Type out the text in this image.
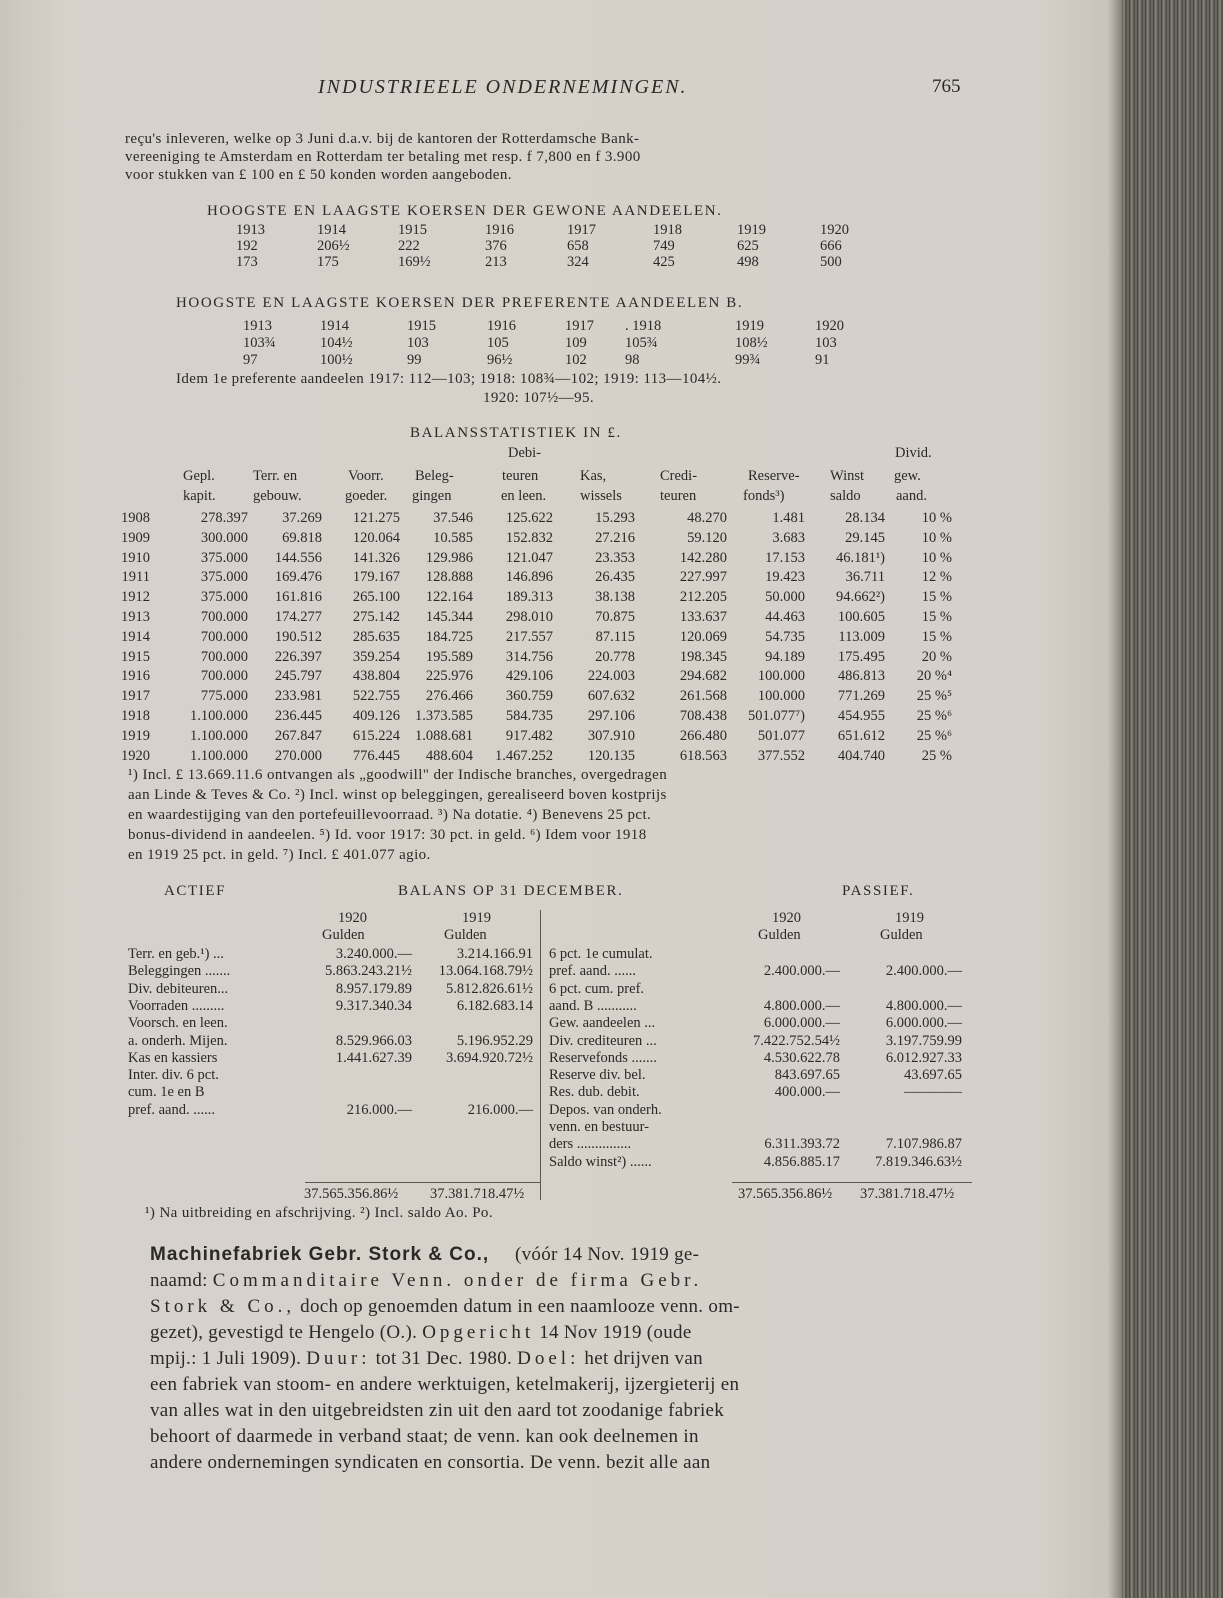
INDUSTRIEELE ONDERNEMINGEN.	765
reçu's inleveren, welke op 3 Juni d.a.v. bij de kantoren der Rotterdamsche Bank-
vereeniging te Amsterdam en Rotterdam ter betaling met resp. f 7,800 en f 3.900
voor stukken van £ 100 en £ 50 konden worden aangeboden.
HOOGSTE EN LAAGSTE KOERSEN DER GEWONE AANDEELEN.
1913	1914	1915	1916	1917	1918	1919	1920
192	206½	222	376	658	749	625	666
173	175	169½	213	324	425	498	500
HOOGSTE EN LAAGSTE KOERSEN DER PREFERENTE AANDEELEN B.
1913	1914	1915	1916	1917 . 1918	1919	1920
103¾	104½	103	105	109	105¾	108½	103
97	100½	99	96½	102	98	99¾	91
Idem 1e preferente aandeelen 1917: 112—103; 1918: 108¾—102; 1919: 113—104½.
1920: 107½—95.
BALANSSTATISTIEK IN £.
Debi-	Divid.
Gepl.	Terr. en	Voorr. Beleg-	teuren	Kas,	Credi-	Reserve- Winst gew.
kapit.	gebouw.	goeder. gingen	en leen. wissels	teuren	fonds³)	saldo aand.
1908	278.397 37.269 121.275 37.546 125.622	15.293	48.270	1.481	28.134	10 %
1909	300.000 69.818 120.064 10.585 152.832	27.216	59.120	3.683	29.145	10 %
1910	375.000 144.556 141.326 129.986 121.047	23.353	142.280	17.153 46.181¹)	10 %
1911	375.000 169.476 179.167 128.888 146.896	26.435	227.997	19.423	36.711	12 %
1912	375.000 161.816 265.100 122.164 189.313	38.138	212.205	50.000 94.662²)	15 %
1913	700.000 174.277 275.142 145.344 298.010	70.875	133.637	44.463 100.605	15 %
1914	700.000 190.512 285.635 184.725 217.557	87.115	120.069	54.735 113.009	15 %
1915	700.000 226.397 359.254 195.589 314.756	20.778	198.345	94.189 175.495	20 %
1916	700.000 245.797 438.804 225.976 429.106 224.003	294.682 100.000 486.813 20 %⁴
1917	775.000 233.981 522.755 276.466 360.759 607.632	261.568 100.000 771.269 25 %⁵
1918	1.100.000 236.445 409.126 1.373.585 584.735 297.106	708.438 501.077⁷) 454.955 25 %⁶
1919	1.100.000 267.847 615.224 1.088.681 917.482 307.910	266.480 501.077 651.612 25 %⁶
1920	1.100.000 270.000 776.445 488.604 1.467.252 120.135	618.563 377.552 404.740	25 %
¹) Incl. £ 13.669.11.6 ontvangen als „goodwill" der Indische branches, overgedragen
aan Linde & Teves & Co. ²) Incl. winst op beleggingen, gerealiseerd boven kostprijs
en waardestijging van den portefeuillevoorraad. ³) Na dotatie. ⁴) Benevens 25 pct.
bonus-dividend in aandeelen. ⁵) Id. voor 1917: 30 pct. in geld. ⁶) Idem voor 1918
en 1919 25 pct. in geld. ⁷) Incl. £ 401.077 agio.
ACTIEF	BALANS OP 31 DECEMBER.	PASSIEF.
1920	1919
Gulden	Gulden
1920	1919
Gulden	Gulden
Terr. en geb.¹) ...	3.240.000.—	3.214.166.91
Beleggingen .......	5.863.243.21½ 13.064.168.79½
Div. debiteuren...	8.957.179.89 5.812.826.61½
Voorraden .........	9.317.340.34	6.182.683.14
Voorsch. en leen.
a. onderh. Mijen.	8.529.966.03	5.196.952.29
Kas en kassiers	1.441.627.39 3.694.920.72½
Inter. div. 6 pct.
cum. 1e en B
pref. aand. ......	216.000.—	216.000.—
6 pct. 1e cumulat.
pref. aand. ......	2.400.000.—	2.400.000.—
6 pct. cum. pref.
aand. B ...........	4.800.000.—	4.800.000.—
Gew. aandeelen ...	6.000.000.—	6.000.000.—
Div. crediteuren ...	7.422.752.54½	3.197.759.99
Reservefonds .......	4.530.622.78	6.012.927.33
Reserve div. bel.	843.697.65	43.697.65
Res. dub. debit.	400.000.—	————
Depos. van onderh.
venn. en bestuur-
ders ...............	6.311.393.72	7.107.986.87
Saldo winst²) ......	4.856.885.17 7.819.346.63½
37.565.356.86½ 37.381.718.47½	37.565.356.86½ 37.381.718.47½
¹) Na uitbreiding en afschrijving. ²) Incl. saldo Ao. Po.
Machinefabriek Gebr. Stork & Co., (vóór 14 Nov. 1919 ge-
naamd: Commanditaire Venn. onder de firma Gebr.
Stork & Co., doch op genoemden datum in een naamlooze venn. om-
gezet), gevestigd te Hengelo (O.). Opgericht 14 Nov 1919 (oude
mpij.: 1 Juli 1909). Duur: tot 31 Dec. 1980. Doel: het drijven van
een fabriek van stoom- en andere werktuigen, ketelmakerij, ijzergieterij en
van alles wat in den uitgebreidsten zin uit den aard tot zoodanige fabriek
behoort of daarmede in verband staat; de venn. kan ook deelnemen in
andere ondernemingen syndicaten en consortia. De venn. bezit alle aan
